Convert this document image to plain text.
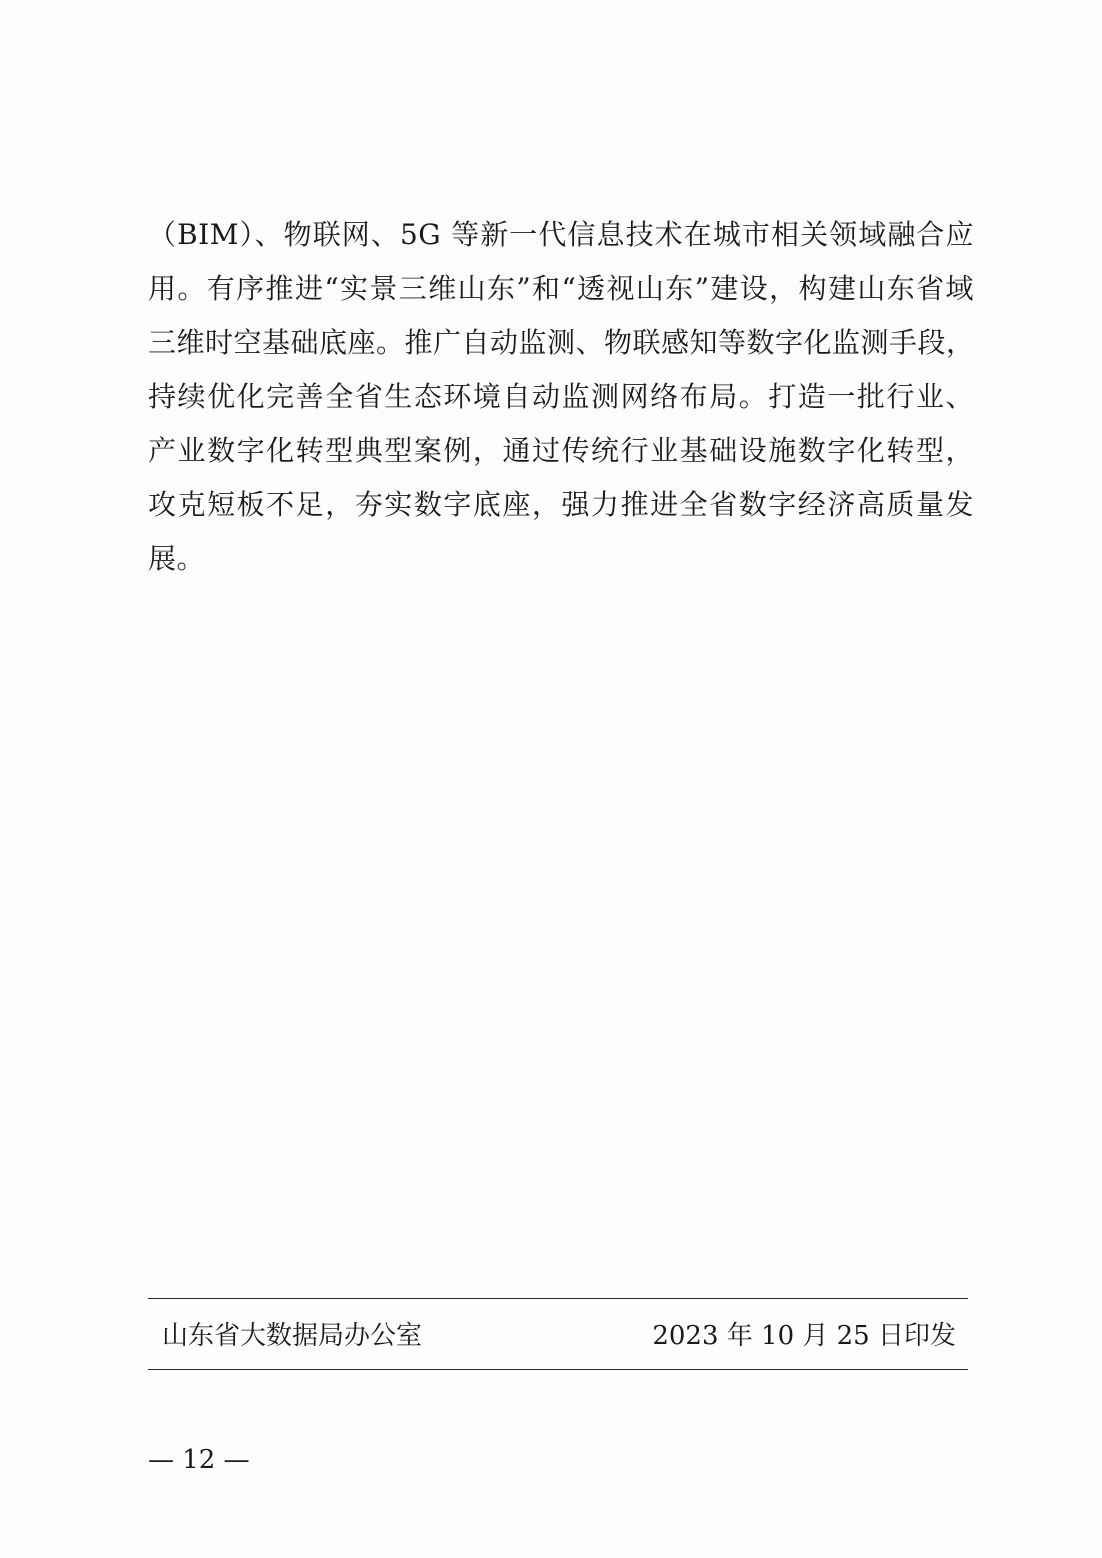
（BIM）、物联网、5G 等新一代信息技术在城市相关领域融合应
用。有序推进“实景三维山东”和“透视山东”建设，构建山东省域
三维时空基础底座。推广自动监测、物联感知等数字化监测手段，
持续优化完善全省生态环境自动监测网络布局。打造一批行业、
产业数字化转型典型案例，通过传统行业基础设施数字化转型，
攻克短板不足，夯实数字底座，强力推进全省数字经济高质量发
展。
山东省大数据局办公室	2023 年 10 月 25 日印发
— 12 —
